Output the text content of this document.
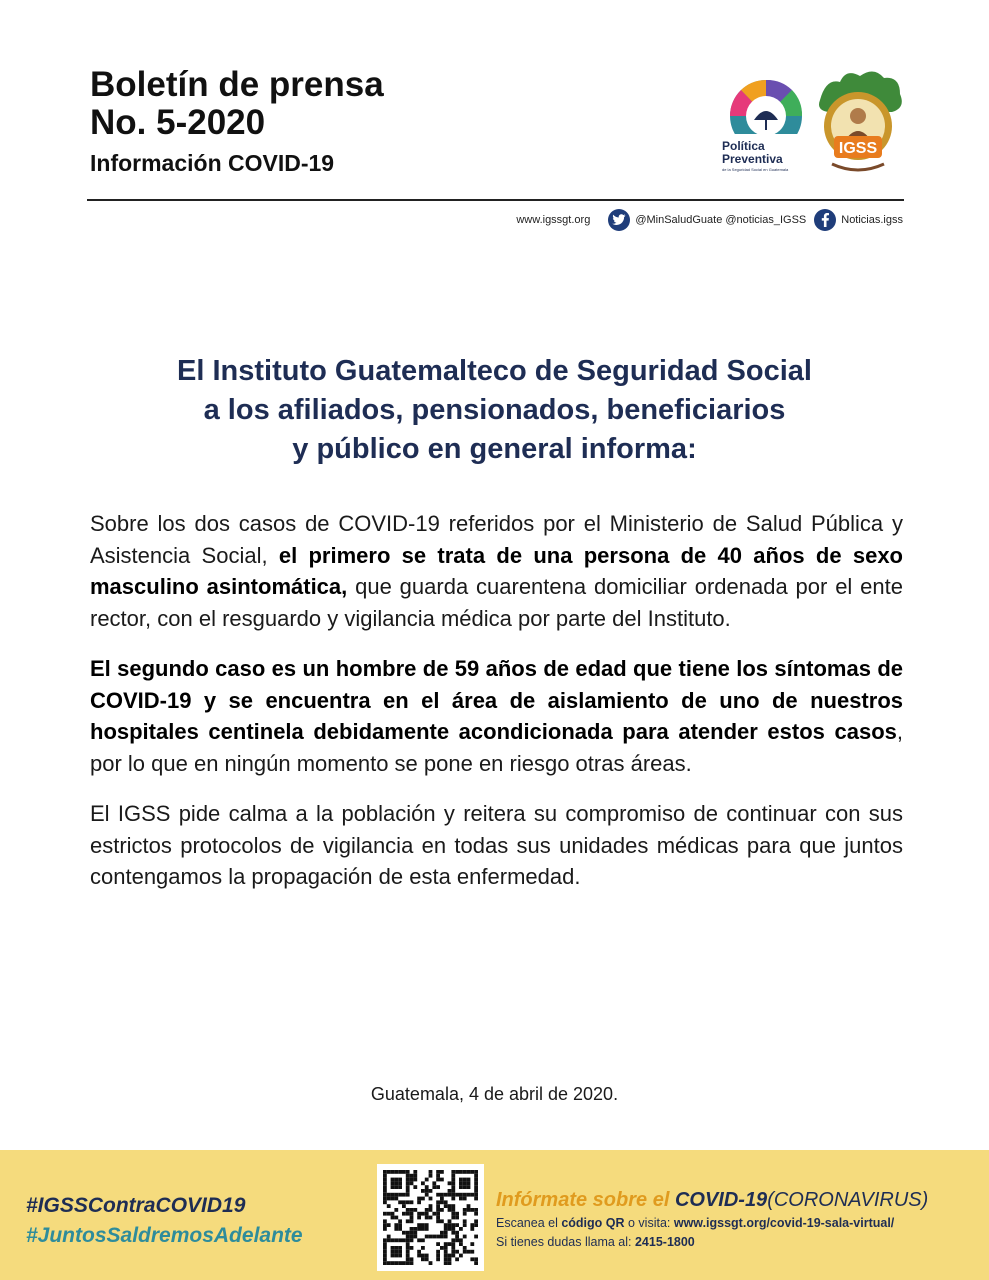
Boletín de prensa
No. 5-2020
Información COVID-19
Política
Preventiva
de la Seguridad Social en Guatemala
IGSS
www.igssgt.org	@MinSaludGuate @noticias_IGSS	Noticias.igss
El Instituto Guatemalteco de Seguridad Social
a los afiliados, pensionados, beneficiarios
y público en general informa:

Sobre los dos casos de COVID-19 referidos por el Ministerio de Salud Pública y Asistencia Social, el primero se trata de una persona de 40 años de sexo masculino asintomática, que guarda cuarentena domiciliar ordenada por el ente rector, con el resguardo y vigilancia médica por parte del Instituto.

El segundo caso es un hombre de 59 años de edad que tiene los síntomas de COVID-19 y se encuentra en el área de aislamiento de uno de nuestros hospitales centinela debidamente acondicionada para atender estos casos, por lo que en ningún momento se pone en riesgo otras áreas.

El IGSS pide calma a la población y reitera su compromiso de continuar con sus estrictos protocolos de vigilancia en todas sus unidades médicas para que juntos contengamos la propagación de esta enfermedad.

Guatemala, 4 de abril de 2020.
#IGSSContraCOVID19
#JuntosSaldremosAdelante
Infórmate sobre el COVID-19(CORONAVIRUS)
Escanea el código QR o visita: www.igssgt.org/covid-19-sala-virtual/
Si tienes dudas llama al: 2415-1800
